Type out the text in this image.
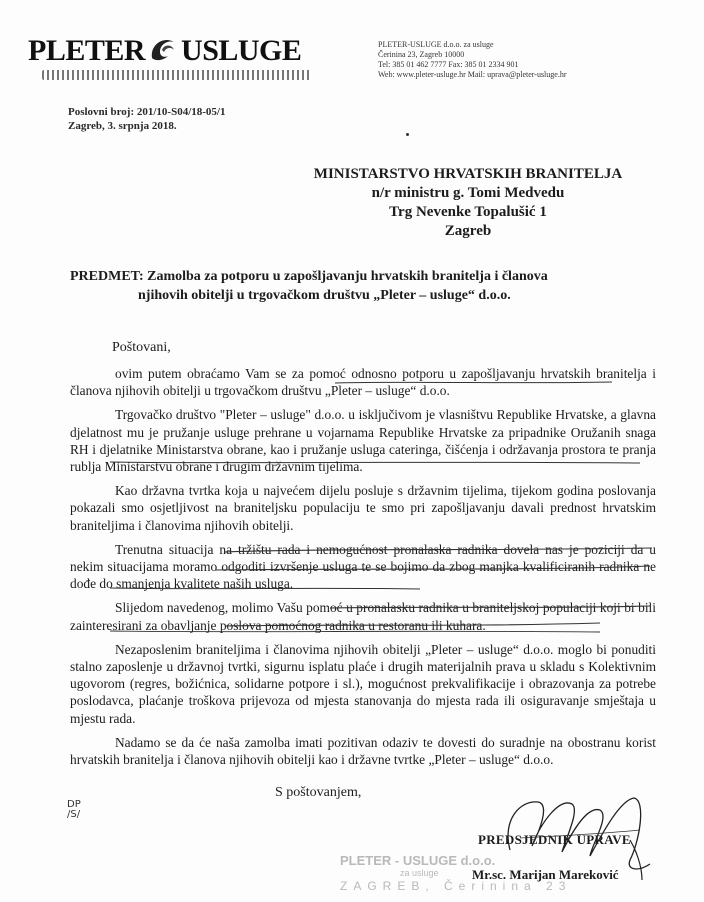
PLETER USLUGE	PLETER-USLUGE d.o.o. za usluge
Čerinina 23, Zagreb 10000
Tel: 385 01 462 7777 Fax: 385 01 2334 901
Web: www.pleter-usluge.hr Mail: uprava@pleter-usluge.hr
Poslovni broj: 201/10-S04/18-05/1
Zagreb, 3. srpnja 2018.
MINISTARSTVO HRVATSKIH BRANITELJA
n/r ministru g. Tomi Medvedu
Trg Nevenke Topalušić 1
Zagreb
PREDMET: Zamolba za potporu u zapošljavanju hrvatskih branitelja i članova
njihovih obitelji u trgovačkom društvu „Pleter – usluge“ d.o.o.
Poštovani,

ovim putem obraćamo Vam se za pomoć odnosno potporu u zapošljavanju hrvatskih branitelja i članova njihovih obitelji u trgovačkom društvu „Pleter – usluge“ d.o.o.

Trgovačko društvo "Pleter – usluge" d.o.o. u isključivom je vlasništvu Republike Hrvatske, a glavna djelatnost mu je pružanje usluge prehrane u vojarnama Republike Hrvatske za pripadnike Oružanih snaga RH i djelatnike Ministarstva obrane, kao i pružanje usluga cateringa, čišćenja i održavanja prostora te pranja rublja Ministarstvu obrane i drugim državnim tijelima.

Kao državna tvrtka koja u najvećem dijelu posluje s državnim tijelima, tijekom godina poslovanja pokazali smo osjetljivost na braniteljsku populaciju te smo pri zapošljavanju davali prednost hrvatskim braniteljima i članovima njihovih obitelji.

Trenutna situacija na tržištu rada i nemogućnost pronalaska radnika dovela nas je poziciji da u nekim situacijama moramo odgoditi izvršenje usluga te se bojimo da zbog manjka kvalificiranih radnika ne dođe do smanjenja kvalitete naših usluga.

Slijedom navedenog, molimo Vašu pomoć u pronalasku radnika u braniteljskoj populaciji koji bi bili zainteresirani za obavljanje poslova pomoćnog radnika u restoranu ili kuhara.

Nezaposlenim braniteljima i članovima njihovih obitelji „Pleter – usluge“ d.o.o. moglo bi ponuditi stalno zaposlenje u državnoj tvrtki, sigurnu isplatu plaće i drugih materijalnih prava u skladu s Kolektivnim ugovorom (regres, božićnica, solidarne potpore i sl.), mogućnost prekvalifikacije i obrazovanja za potrebe poslodavca, plaćanje troškova prijevoza od mjesta stanovanja do mjesta rada ili osiguravanje smještaja u mjestu rada.

Nadamo se da će naša zamolba imati pozitivan odaziv te dovesti do suradnje na obostranu korist hrvatskih branitelja i članova njihovih obitelji kao i državne tvrtke „Pleter – usluge“ d.o.o.

S poštovanjem,
DP
/S/
PLETER - USLUGE d.o.o.
za usluge
ZAGREB, Čerinina 23
PREDSJEDNIK UPRAVE
Mr.sc. Marijan Mareković
